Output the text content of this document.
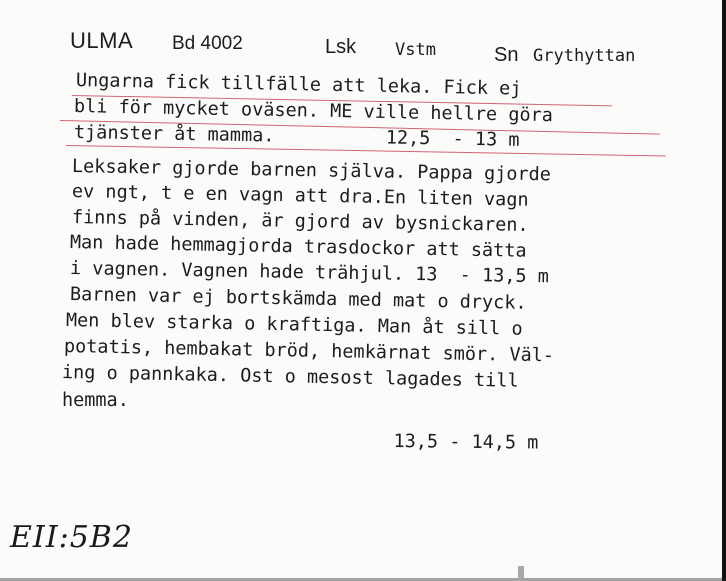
ULMA Bd 4002	Lsk Vstm	Sn Grythyttan
Ungarna fick tillfälle att leka. Fick ej
bli för mycket oväsen. ME ville hellre göra
tjänster åt mamma.          12,5  - 13 m
Leksaker gjorde barnen själva. Pappa gjorde
ev ngt, t e en vagn att dra.En liten vagn
finns på vinden, är gjord av bysnickaren.
Man hade hemmagjorda trasdockor att sätta
i vagnen. Vagnen hade trähjul. 13  - 13,5 m
Barnen var ej bortskämda med mat o dryck.
Men blev starka o kraftiga. Man åt sill o
potatis, hembakat bröd, hemkärnat smör. Väl-
ing o pannkaka. Ost o mesost lagades till
hemma.
13,5 - 14,5 m
EII:5B2
